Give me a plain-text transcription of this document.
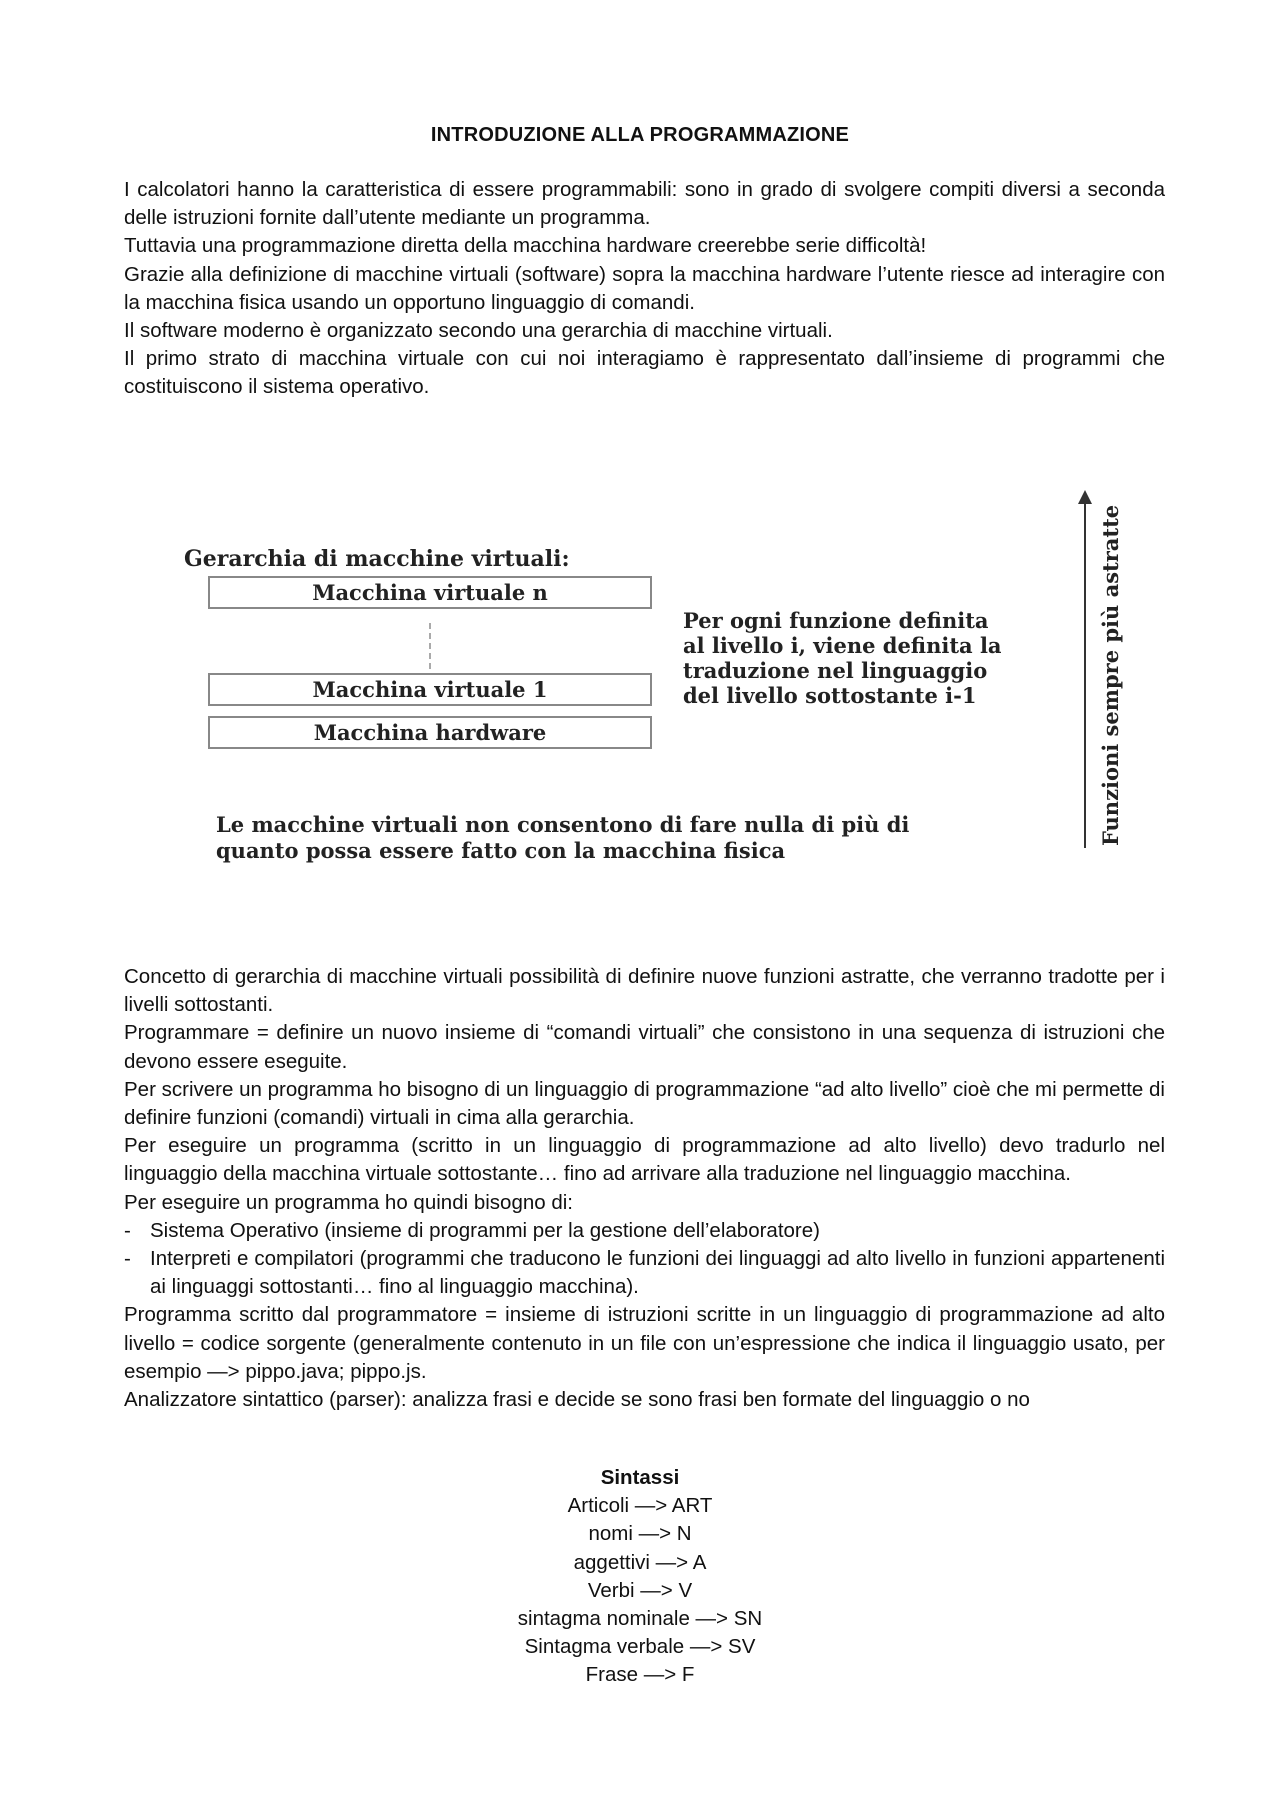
INTRODUZIONE ALLA PROGRAMMAZIONE

I calcolatori hanno la caratteristica di essere programmabili: sono in grado di svolgere compiti diversi a seconda delle istruzioni fornite dall’utente mediante un programma.

Tuttavia una programmazione diretta della macchina hardware creerebbe serie difficoltà!

Grazie alla definizione di macchine virtuali (software) sopra la macchina hardware l’utente riesce ad interagire con la macchina fisica usando un opportuno linguaggio di comandi.

Il software moderno è organizzato secondo una gerarchia di macchine virtuali.

Il primo strato di macchina virtuale con cui noi interagiamo è rappresentato dall’insieme di programmi che costituiscono il sistema operativo.

Gerarchia di macchine virtuali:
Macchina virtuale n
Macchina virtuale 1
Macchina hardware
Per ogni funzione definita
al livello i, viene definita la
traduzione nel linguaggio
del livello sottostante i-1
Le macchine virtuali non consentono di fare nulla di più di
quanto possa essere fatto con la macchina fisica
Funzioni sempre più astratte

Concetto di gerarchia di macchine virtuali possibilità di definire nuove funzioni astratte, che verranno tradotte per i livelli sottostanti.

Programmare = definire un nuovo insieme di “comandi virtuali” che consistono in una sequenza di istruzioni che devono essere eseguite.

Per scrivere un programma ho bisogno di un linguaggio di programmazione “ad alto livello” cioè che mi permette di definire funzioni (comandi) virtuali in cima alla gerarchia.

Per eseguire un programma (scritto in un linguaggio di programmazione ad alto livello) devo tradurlo nel linguaggio della macchina virtuale sottostante… fino ad arrivare alla traduzione nel linguaggio macchina.

Per eseguire un programma ho quindi bisogno di:

- Sistema Operativo (insieme di programmi per la gestione dell’elaboratore)
- Interpreti e compilatori (programmi che traducono le funzioni dei linguaggi ad alto livello in funzioni appartenenti ai linguaggi sottostanti… fino al linguaggio macchina).

Programma scritto dal programmatore = insieme di istruzioni scritte in un linguaggio di programmazione ad alto livello = codice sorgente (generalmente contenuto in un file con un’espressione che indica il linguaggio usato, per esempio —> pippo.java; pippo.js.

Analizzatore sintattico (parser): analizza frasi e decide se sono frasi ben formate del linguaggio o no

Sintassi
Articoli —> ART
nomi —> N
aggettivi —> A
Verbi —> V
sintagma nominale —> SN
Sintagma verbale —> SV
Frase —> F
